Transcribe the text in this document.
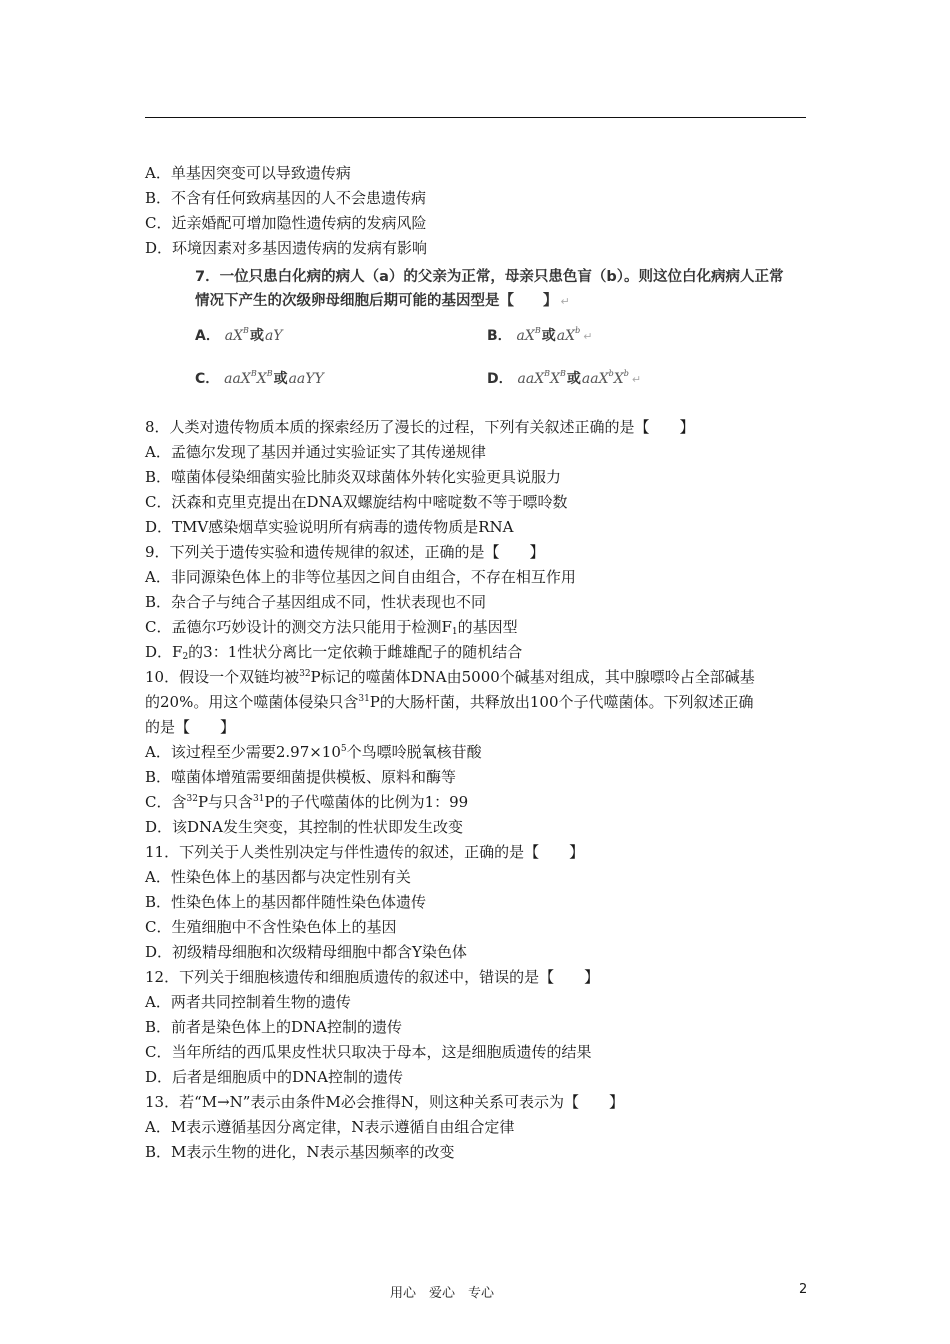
A．单基因突变可以导致遗传病
B．不含有任何致病基因的人不会患遗传病
C．近亲婚配可增加隐性遗传病的发病风险
D．环境因素对多基因遗传病的发病有影响
8．人类对遗传物质本质的探索经历了漫长的过程，下列有关叙述正确的是【　　】
A．孟德尔发现了基因并通过实验证实了其传递规律
B．噬菌体侵染细菌实验比肺炎双球菌体外转化实验更具说服力
C．沃森和克里克提出在DNA双螺旋结构中嘧啶数不等于嘌呤数
D．TMV感染烟草实验说明所有病毒的遗传物质是RNA
9．下列关于遗传实验和遗传规律的叙述，正确的是【　　】
A．非同源染色体上的非等位基因之间自由组合，不存在相互作用
B．杂合子与纯合子基因组成不同，性状表现也不同
C．孟德尔巧妙设计的测交方法只能用于检测$F_1$的基因型
D．$F_2$的3：1性状分离比一定依赖于雌雄配子的随机结合
10．假设一个双链均被$^{32}$P标记的噬菌体DNA由5000个碱基对组成，其中腺嘌呤占全部碱基
的20%。用这个噬菌体侵染只含$^{31}$P的大肠杆菌，共释放出100个子代噬菌体。下列叙述正确
的是【　　】
A．该过程至少需要$2.97\times 10^5$个鸟嘌呤脱氧核苷酸
B．噬菌体增殖需要细菌提供模板、原料和酶等
C．含$^{32}$P与只含$^{31}$P的子代噬菌体的比例为1：99
D．该DNA发生突变，其控制的性状即发生改变
11．下列关于人类性别决定与伴性遗传的叙述，正确的是【　　】
A．性染色体上的基因都与决定性别有关
B．性染色体上的基因都伴随性染色体遗传
C．生殖细胞中不含性染色体上的基因
D．初级精母细胞和次级精母细胞中都含Y染色体
12．下列关于细胞核遗传和细胞质遗传的叙述中，错误的是【　　】
A．两者共同控制着生物的遗传
B．前者是染色体上的DNA控制的遗传
C．当年所结的西瓜果皮性状只取决于母本，这是细胞质遗传的结果
D．后者是细胞质中的DNA控制的遗传
13．若“M→N”表示由条件M必会推得N，则这种关系可表示为【　　】
A．M表示遵循基因分离定律，N表示遵循自由组合定律
B．M表示生物的进化，N表示基因频率的改变
7．一位只患白化病的病人（a）的父亲为正常，母亲只患色盲（b）。则这位白化病病人正常情况下产生的次级卵母细胞后期可能的基因型是【　　】 ↵
A． $aX^B$或aY	B． $aX^B$或$aX^b$ ↵
C． $aaX^BX^B$或aaYY	D． $aaX^BX^B$或$aaX^bX^b$ ↵
用心　爱心　专心	2
